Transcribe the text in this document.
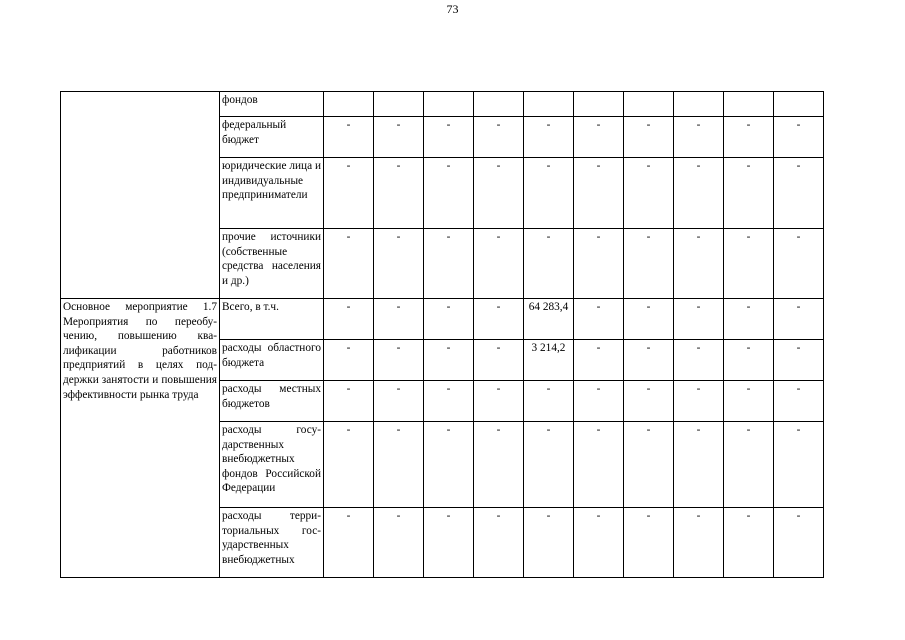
73
	фондов										
	федеральный бюджет	-	-	-	-	-	-	-	-	-	-
	юридические лица и индивидуальные предприниматели	-	-	-	-	-	-	-	-	-	-
	прочие источники (собственные средства населения и др.)	-	-	-	-	-	-	-	-	-	-
Основное мероприятие 1.7 Мероприятия по переобучению, повышению квалификации работников предприятий в целях поддержки занятости и повышения эффективности рынка труда	Всего, в т.ч.	-	-	-	-	64 283,4	-	-	-	-	-
	расходы областного бюджета	-	-	-	-	3 214,2	-	-	-	-	-
	расходы местных бюджетов	-	-	-	-	-	-	-	-	-	-
	расходы государственных внебюджетных фондов Российской Федерации	-	-	-	-	-	-	-	-	-	-
	расходы территориальных государственных внебюджетных	-	-	-	-	-	-	-	-	-	-
